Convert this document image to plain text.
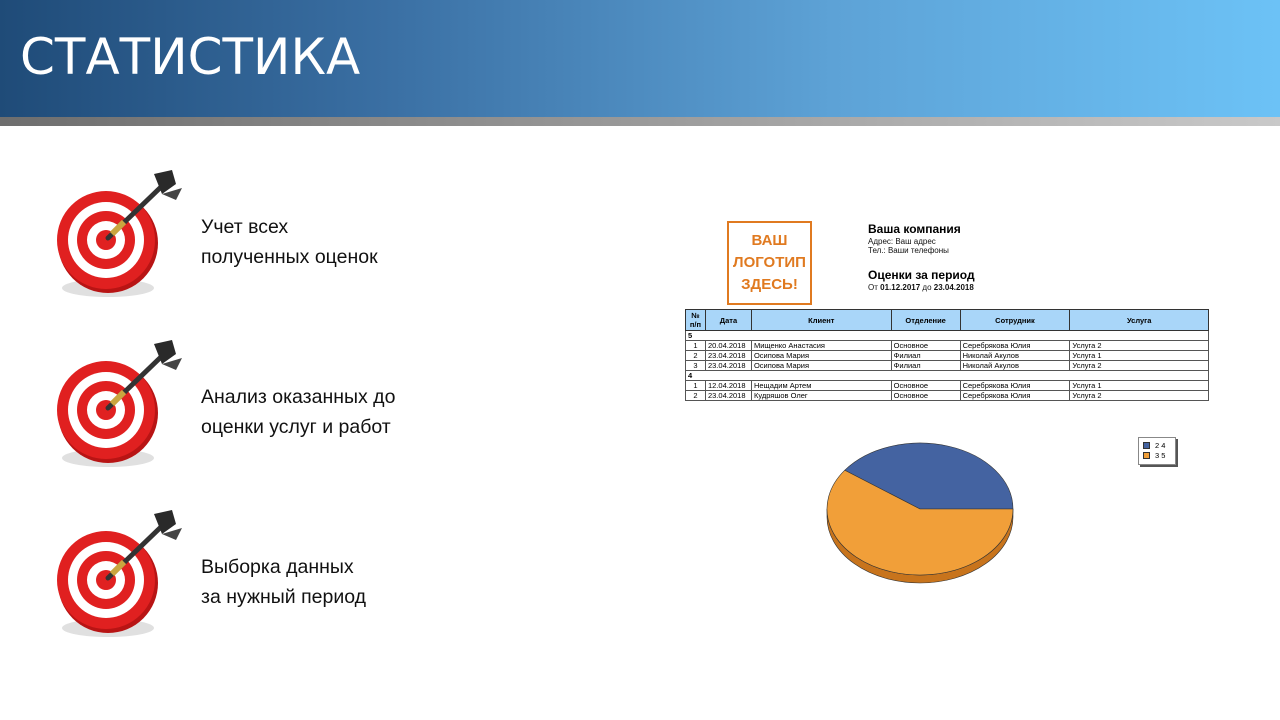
СТАТИСТИКА
Учет всех
полученных оценок
Анализ оказанных до
оценки услуг и работ
Выборка данных
за нужный период
ВАШ
ЛОГОТИП
ЗДЕСЬ!
Ваша компания
Адрес: Ваш адрес
Тел.: Ваши телефоны
Оценки за период
От 01.12.2017 до 23.04.2018
№ п/п	Дата	Клиент	Отделение	Сотрудник	Услуга
5					
1	20.04.2018	Мищенко Анастасия	Основное	Серебрякова Юлия	Услуга 2
2	23.04.2018	Осипова Мария	Филиал	Николай Акулов	Услуга 1
3	23.04.2018	Осипова Мария	Филиал	Николай Акулов	Услуга 2
4					
1	12.04.2018	Нещадим Артем	Основное	Серебрякова Юлия	Услуга 1
2	23.04.2018	Кудряшов Олег	Основное	Серебрякова Юлия	Услуга 2
2 4
3 5
